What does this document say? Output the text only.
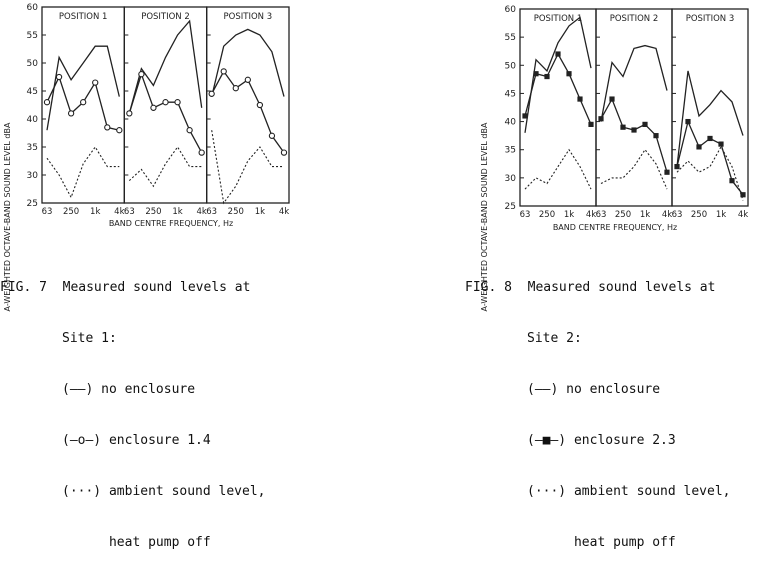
A-WEIGHTED OCTAVE-BAND SOUND LEVEL dBA 25
30
35
40
45
50
55
60
POSITION 1
63 250 1k 4k
POSITION 2
63 250 1k 4k
POSITION 3
63 250 1k 4k
BAND CENTRE FREQUENCY, Hz	A-WEIGHTED OCTAVE-BAND SOUND LEVEL dBA 25
30
35
40
45
50
55
60
POSITION 1
63 250 1k 4k
POSITION 2
63 250 1k 4k
POSITION 3
63 250 1k 4k
BAND CENTRE FREQUENCY, Hz

FIG. 7 Measured sound levels at

Site 1:

(——) no enclosure

(—o—) enclosure 1.4

(···) ambient sound level,

heat pump off

FIG. 8 Measured sound levels at

Site 2:

(——) no enclosure

(—■—) enclosure 2.3

(···) ambient sound level,

heat pump off
